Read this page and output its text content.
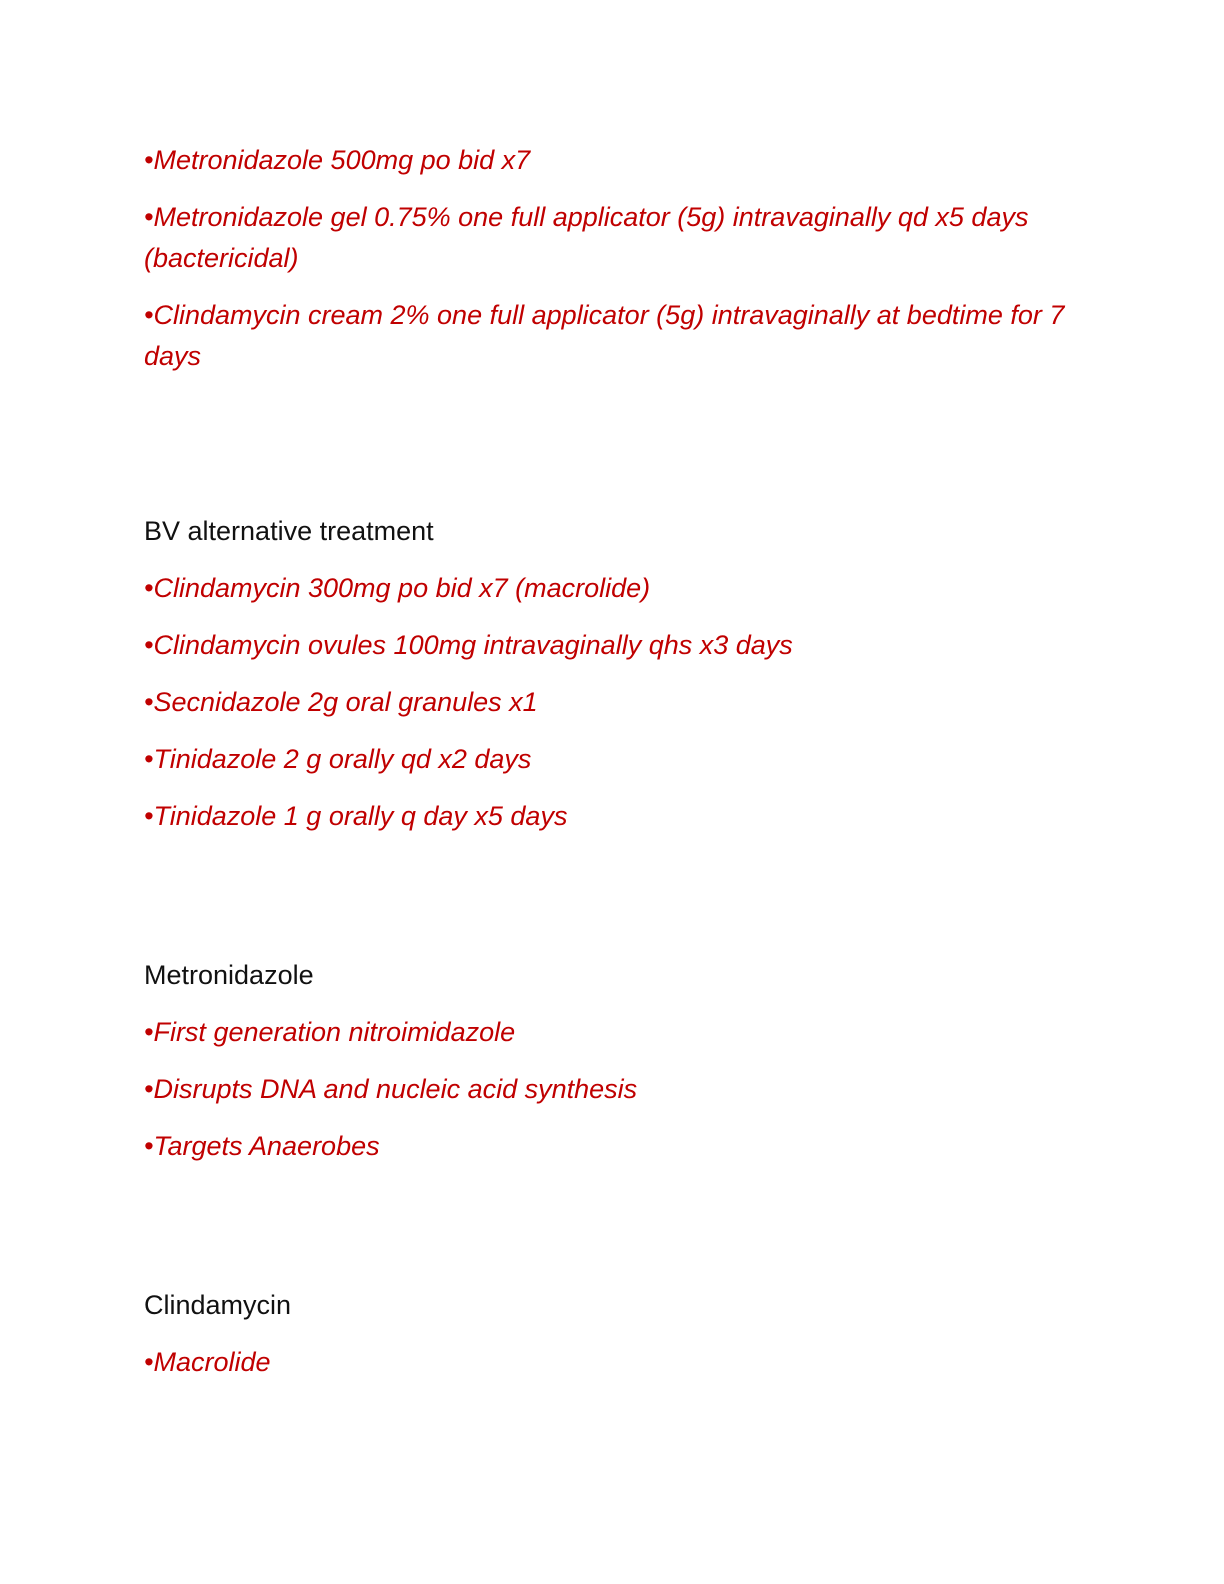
•Metronidazole 500mg po bid x7

•Metronidazole gel 0.75% one full applicator (5g) intravaginally qd x5 days (bactericidal)

•Clindamycin cream 2% one full applicator (5g) intravaginally at bedtime for 7 days

BV alternative treatment

•Clindamycin 300mg po bid x7 (macrolide)

•Clindamycin ovules 100mg intravaginally qhs x3 days

•Secnidazole 2g oral granules x1

•Tinidazole 2 g orally qd x2 days

•Tinidazole 1 g orally q day x5 days

Metronidazole

•First generation nitroimidazole

•Disrupts DNA and nucleic acid synthesis

•Targets Anaerobes

Clindamycin

•Macrolide
